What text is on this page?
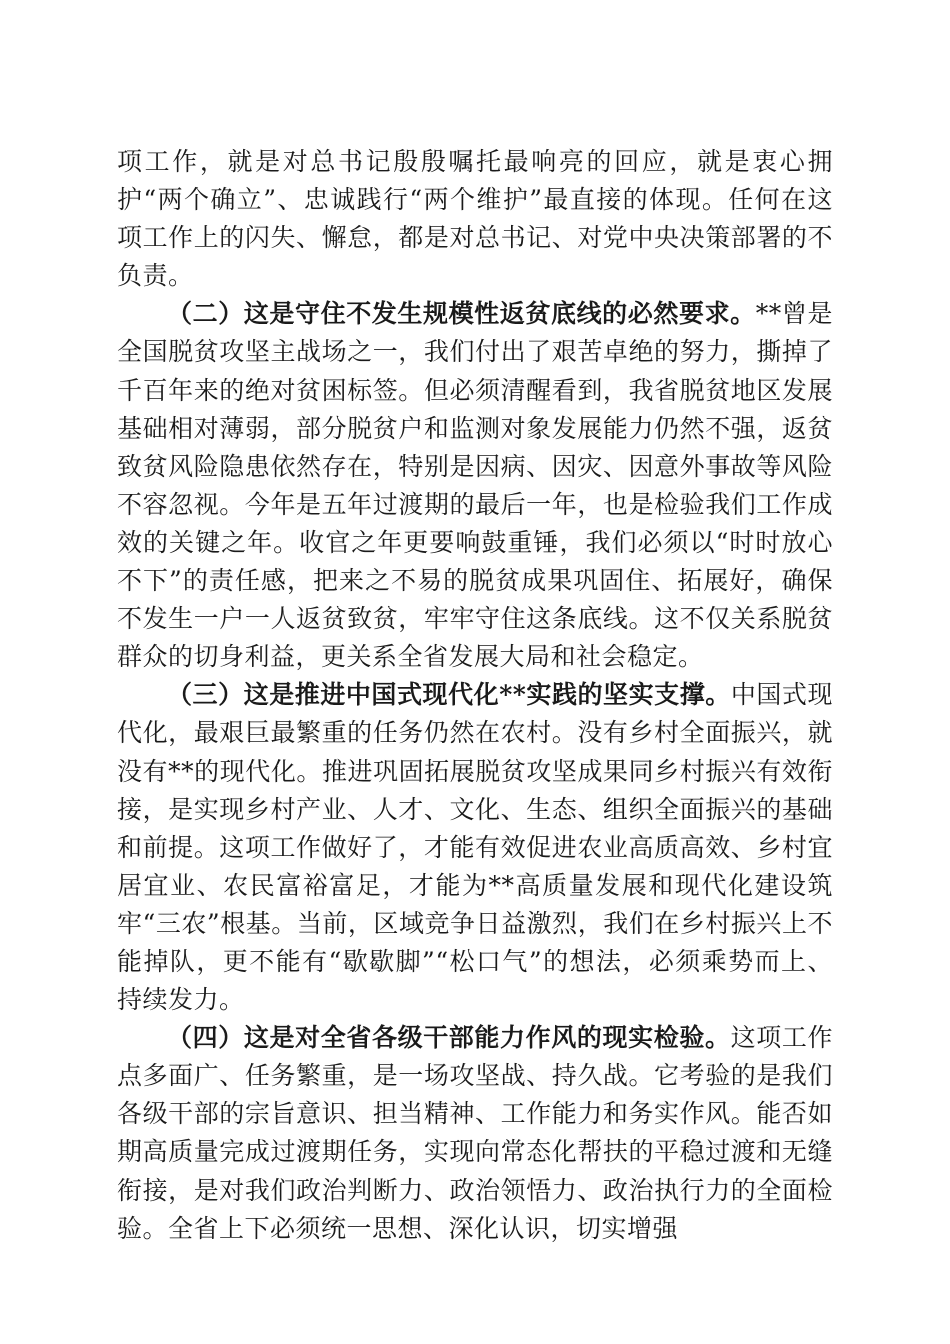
项工作，就是对总书记殷殷嘱托最响亮的回应，就是衷心拥护“两个确立”、忠诚践行“两个维护”最直接的体现。任何在这项工作上的闪失、懈怠，都是对总书记、对党中央决策部署的不负责。

（二）这是守住不发生规模性返贫底线的必然要求。**曾是全国脱贫攻坚主战场之一，我们付出了艰苦卓绝的努力，撕掉了千百年来的绝对贫困标签。但必须清醒看到，我省脱贫地区发展基础相对薄弱，部分脱贫户和监测对象发展能力仍然不强，返贫致贫风险隐患依然存在，特别是因病、因灾、因意外事故等风险不容忽视。今年是五年过渡期的最后一年，也是检验我们工作成效的关键之年。收官之年更要响鼓重锤，我们必须以“时时放心不下”的责任感，把来之不易的脱贫成果巩固住、拓展好，确保不发生一户一人返贫致贫，牢牢守住这条底线。这不仅关系脱贫群众的切身利益，更关系全省发展大局和社会稳定。

（三）这是推进中国式现代化**实践的坚实支撑。中国式现代化，最艰巨最繁重的任务仍然在农村。没有乡村全面振兴，就没有**的现代化。推进巩固拓展脱贫攻坚成果同乡村振兴有效衔接，是实现乡村产业、人才、文化、生态、组织全面振兴的基础和前提。这项工作做好了，才能有效促进农业高质高效、乡村宜居宜业、农民富裕富足，才能为**高质量发展和现代化建设筑牢“三农”根基。当前，区域竞争日益激烈，我们在乡村振兴上不能掉队，更不能有“歇歇脚”“松口气”的想法，必须乘势而上、持续发力。

（四）这是对全省各级干部能力作风的现实检验。这项工作点多面广、任务繁重，是一场攻坚战、持久战。它考验的是我们各级干部的宗旨意识、担当精神、工作能力和务实作风。能否如期高质量完成过渡期任务，实现向常态化帮扶的平稳过渡和无缝衔接，是对我们政治判断力、政治领悟力、政治执行力的全面检验。全省上下必须统一思想、深化认识，切实增强
